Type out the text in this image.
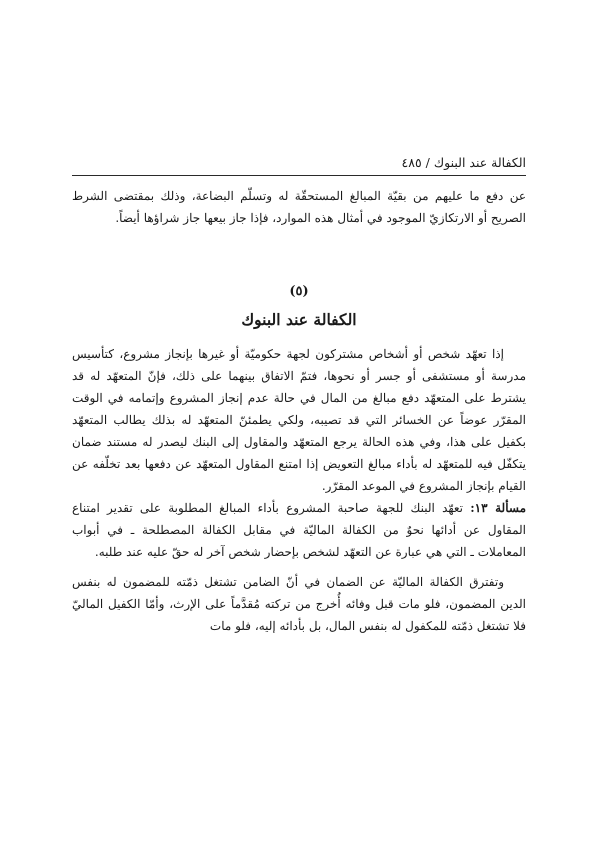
الكفالة عند البنوك / ٤٨٥

عن دفع ما عليهم من بقيّة المبالغ المستحقّة له وتسلّم البضاعة، وذلك بمقتضى الشرط الصريح أو الارتكازيّ الموجود في أمثال هذه الموارد، فإذا جاز بيعها جاز شراؤها أيضاً.

(٥)
الكفالة عند البنوك

إذا تعهّد شخص أو أشخاص مشتركون لجهة حكوميّة أو غيرها بإنجاز مشروع، كتأسيس مدرسة أو مستشفى أو جسر أو نحوها، فتمّ الاتفاق بينهما على ذلك، فإنّ المتعهّد له قد يشترط على المتعهّد دفع مبالغ من المال في حالة عدم إنجاز المشروع وإتمامه في الوقت المقرّر عوضاً عن الخسائر التي قد تصيبه، ولكي يطمئنّ المتعهّد له بذلك يطالب المتعهّد بكفيل على هذا، وفي هذه الحالة يرجع المتعهّد والمقاول إلى البنك ليصدر له مستند ضمان يتكفّل فيه للمتعهّد له بأداء مبالغ التعويض إذا امتنع المقاول المتعهّد عن دفعها بعد تخلّفه عن القيام بإنجاز المشروع في الموعد المقرّر.

مسألة ١٣: تعهّد البنك للجهة صاحبة المشروع بأداء المبالغ المطلوبة على تقدير امتناع المقاول عن أدائها نحوٌ من الكفالة الماليّة في مقابل الكفالة المصطلحة ـ في أبواب المعاملات ـ التي هي عبارة عن التعهّد لشخص بإحضار شخص آخر له حقّ عليه عند طلبه.

وتفترق الكفالة الماليّة عن الضمان في أنّ الضامن تشتغل ذمّته للمضمون له بنفس الدين المضمون، فلو مات قبل وفائه أُخرج من تركته مُقدَّماً على الإرث، وأمّا الكفيل الماليّ فلا تشتغل ذمّته للمكفول له بنفس المال، بل بأدائه إليه، فلو مات
